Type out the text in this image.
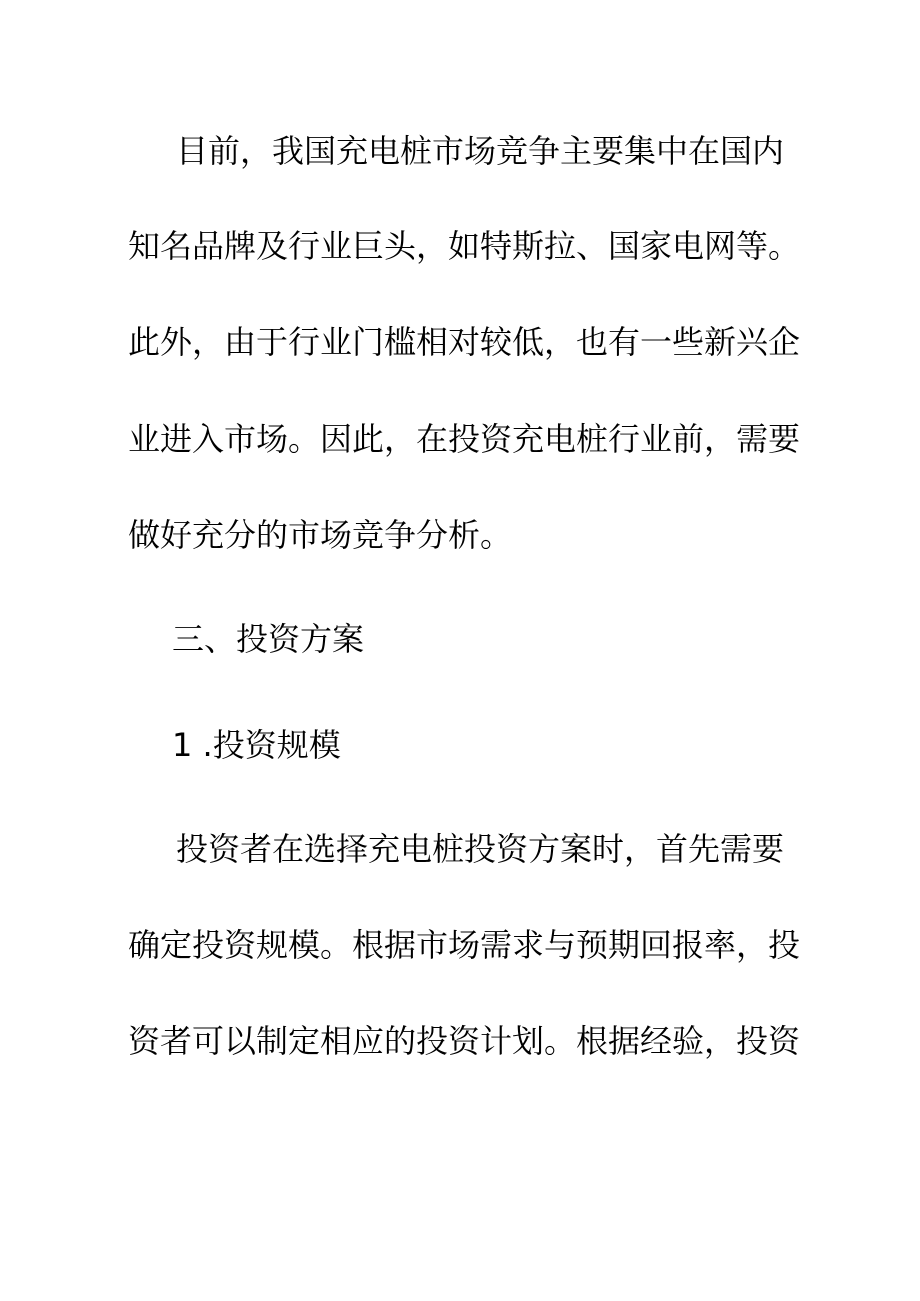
目前，我国充电桩市场竞争主要集中在国内
知名品牌及行业巨头，如特斯拉、国家电网等。
此外，由于行业门槛相对较低，也有一些新兴企
业进入市场。因此，在投资充电桩行业前，需要
做好充分的市场竞争分析。
三、投资方案
1 .投资规模
投资者在选择充电桩投资方案时，首先需要
确定投资规模。根据市场需求与预期回报率，投
资者可以制定相应的投资计划。根据经验，投资
